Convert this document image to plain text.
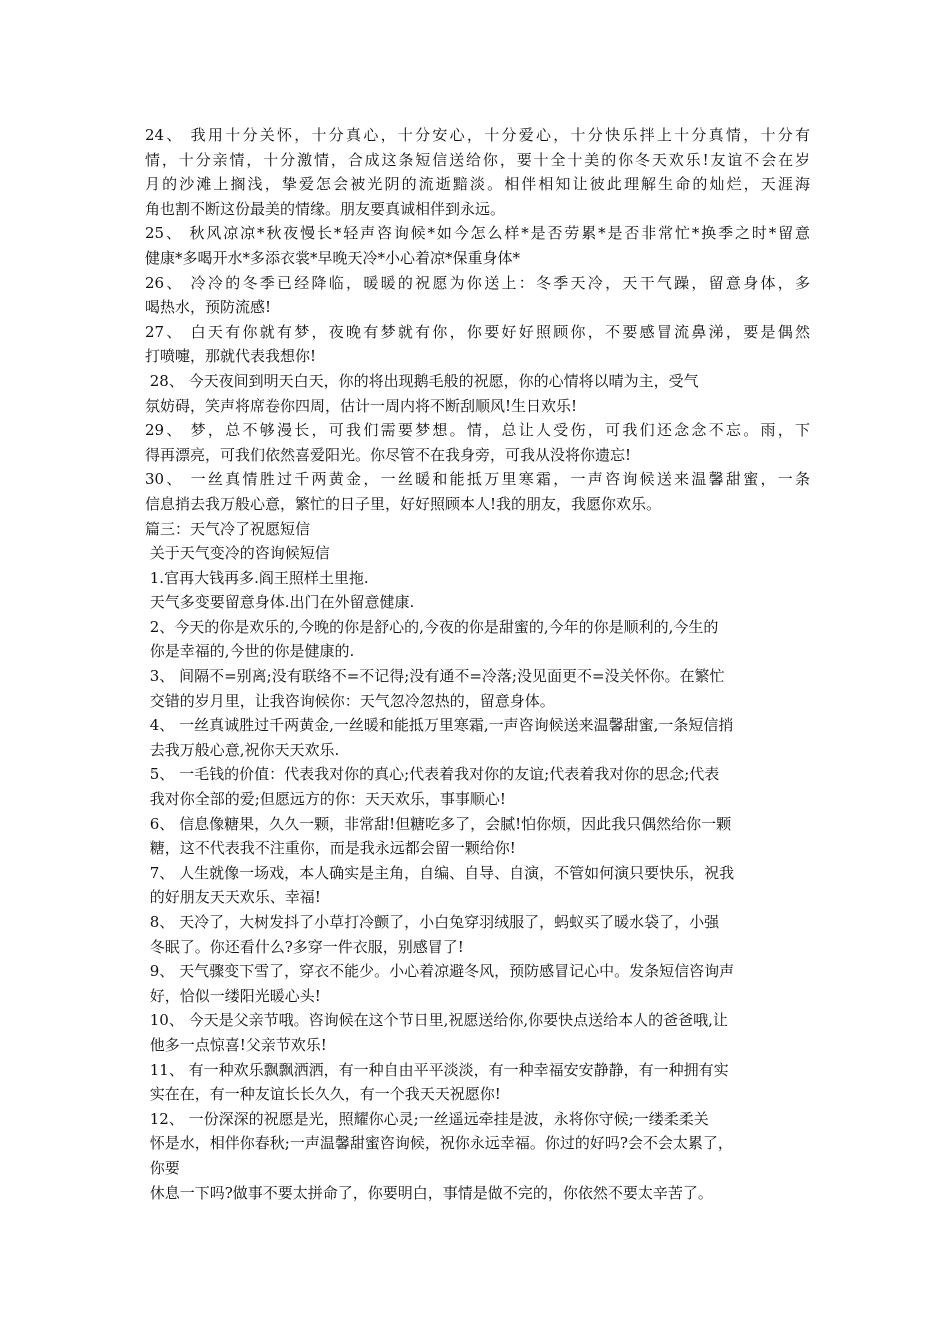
24、 我用十分关怀，十分真心，十分安心，十分爱心，十分快乐拌上十分真情，十分有
情，十分亲情，十分激情，合成这条短信送给你，要十全十美的你冬天欢乐!友谊不会在岁
月的沙滩上搁浅，挚爱怎会被光阴的流逝黯淡。相伴相知让彼此理解生命的灿烂，天涯海
角也割不断这份最美的情缘。朋友要真诚相伴到永远。
25、 秋风凉凉*秋夜慢长*轻声咨询候*如今怎么样*是否劳累*是否非常忙*换季之时*留意
健康*多喝开水*多添衣裳*早晚天冷*小心着凉*保重身体*
26、 冷冷的冬季已经降临，暖暖的祝愿为你送上：冬季天冷，天干气躁，留意身体，多
喝热水，预防流感!
27、 白天有你就有梦，夜晚有梦就有你，你要好好照顾你，不要感冒流鼻涕，要是偶然
打喷嚏，那就代表我想你!
28、 今天夜间到明天白天，你的将出现鹅毛般的祝愿，你的心情将以晴为主，受气
氛妨碍，笑声将席卷你四周，估计一周内将不断刮顺风!生日欢乐!
29、 梦，总不够漫长，可我们需要梦想。情，总让人受伤，可我们还念念不忘。雨，下
得再漂亮，可我们依然喜爱阳光。你尽管不在我身旁，可我从没将你遗忘!
30、 一丝真情胜过千两黄金，一丝暖和能抵万里寒霜，一声咨询候送来温馨甜蜜，一条
信息捎去我万般心意，繁忙的日子里，好好照顾本人!我的朋友，我愿你欢乐。
篇三：天气冷了祝愿短信
关于天气变冷的咨询候短信
1.官再大钱再多.阎王照样土里拖.
天气多变要留意身体.出门在外留意健康.
2、今天的你是欢乐的,今晚的你是舒心的,今夜的你是甜蜜的,今年的你是顺利的,今生的
你是幸福的,今世的你是健康的.
3、 间隔不=别离;没有联络不=不记得;没有通不=冷落;没见面更不=没关怀你。在繁忙
交错的岁月里，让我咨询候你：天气忽冷忽热的，留意身体。
4、 一丝真诚胜过千两黄金,一丝暖和能抵万里寒霜,一声咨询候送来温馨甜蜜,一条短信捎
去我万般心意,祝你天天欢乐.
5、 一毛钱的价值：代表我对你的真心;代表着我对你的友谊;代表着我对你的思念;代表
我对你全部的爱;但愿远方的你：天天欢乐，事事顺心!
6、 信息像糖果，久久一颗，非常甜!但糖吃多了，会腻!怕你烦，因此我只偶然给你一颗
糖，这不代表我不注重你，而是我永远都会留一颗给你!
7、 人生就像一场戏，本人确实是主角，自编、自导、自演，不管如何演只要快乐，祝我
的好朋友天天欢乐、幸福!
8、 天冷了，大树发抖了小草打冷颤了，小白兔穿羽绒服了，蚂蚁买了暖水袋了，小强
冬眠了。你还看什么?多穿一件衣服，别感冒了!
9、 天气骤变下雪了，穿衣不能少。小心着凉避冬风，预防感冒记心中。发条短信咨询声
好，恰似一缕阳光暖心头!
10、 今天是父亲节哦。咨询候在这个节日里,祝愿送给你,你要快点送给本人的爸爸哦,让
他多一点惊喜!父亲节欢乐!
11、 有一种欢乐飘飘洒洒，有一种自由平平淡淡，有一种幸福安安静静，有一种拥有实
实在在，有一种友谊长长久久，有一个我天天祝愿你!
12、 一份深深的祝愿是光，照耀你心灵;一丝遥远牵挂是波，永将你守候;一缕柔柔关
怀是水，相伴你春秋;一声温馨甜蜜咨询候，祝你永远幸福。你过的好吗?会不会太累了，
你要
休息一下吗?做事不要太拼命了，你要明白，事情是做不完的，你依然不要太辛苦了。
